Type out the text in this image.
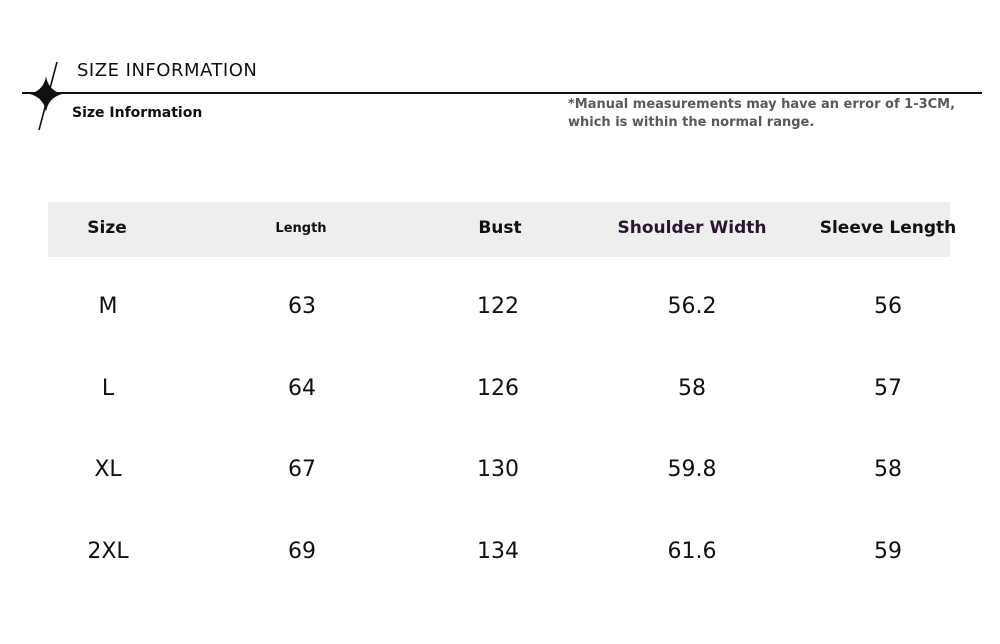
SIZE INFORMATION
Size Information
*Manual measurements may have an error of 1-3CM, which is within the normal range.
Size	Length	Bust	Shoulder Width	Sleeve Length
M	63	122	56.2	56
L	64	126	58	57
XL	67	130	59.8	58
2XL	69	134	61.6	59
